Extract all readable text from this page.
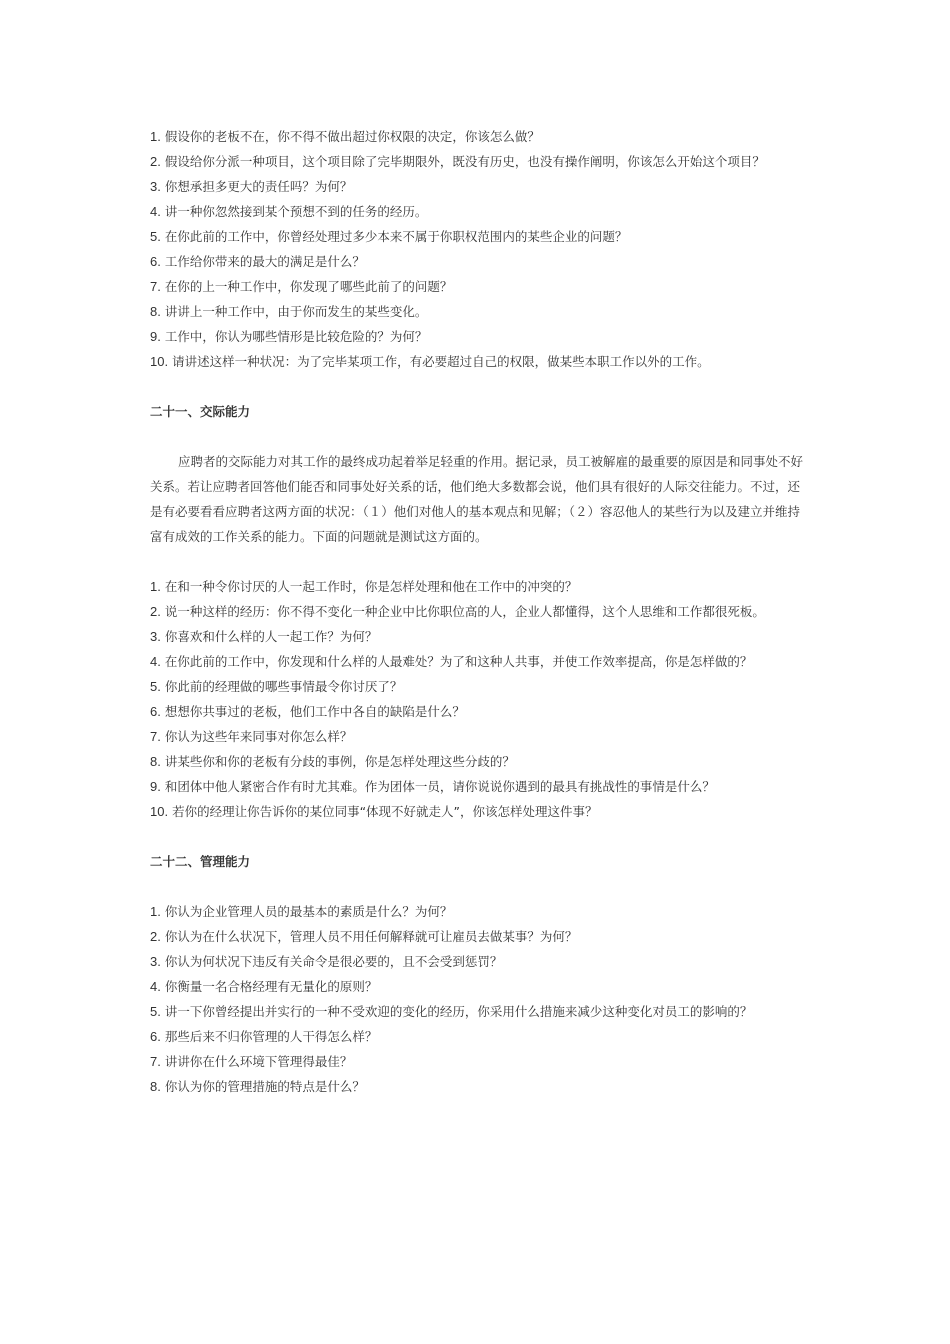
1. 假设你的老板不在，你不得不做出超过你权限的决定，你该怎么做？

2. 假设给你分派一种项目，这个项目除了完毕期限外，既没有历史，也没有操作阐明，你该怎么开始这个项目？

3. 你想承担多更大的责任吗？为何？

4. 讲一种你忽然接到某个预想不到的任务的经历。

5. 在你此前的工作中，你曾经处理过多少本来不属于你职权范围内的某些企业的问题？

6. 工作给你带来的最大的满足是什么？

7. 在你的上一种工作中，你发现了哪些此前了的问题？

8. 讲讲上一种工作中，由于你而发生的某些变化。

9. 工作中，你认为哪些情形是比较危险的？为何？

10. 请讲述这样一种状况：为了完毕某项工作，有必要超过自己的权限，做某些本职工作以外的工作。

二十一、交际能力

应聘者的交际能力对其工作的最终成功起着举足轻重的作用。据记录，员工被解雇的最重要的原因是和同事处不好关系。若让应聘者回答他们能否和同事处好关系的话，他们绝大多数都会说，他们具有很好的人际交往能力。不过，还是有必要看看应聘者这两方面的状况：（１）他们对他人的基本观点和见解；（２）容忍他人的某些行为以及建立并维持富有成效的工作关系的能力。下面的问题就是测试这方面的。

1. 在和一种令你讨厌的人一起工作时，你是怎样处理和他在工作中的冲突的？

2. 说一种这样的经历：你不得不变化一种企业中比你职位高的人，企业人都懂得，这个人思维和工作都很死板。

3. 你喜欢和什么样的人一起工作？为何？

4. 在你此前的工作中，你发现和什么样的人最难处？为了和这种人共事，并使工作效率提高，你是怎样做的？

5. 你此前的经理做的哪些事情最令你讨厌了？

6. 想想你共事过的老板，他们工作中各自的缺陷是什么？

7. 你认为这些年来同事对你怎么样？

8. 讲某些你和你的老板有分歧的事例，你是怎样处理这些分歧的？

9. 和团体中他人紧密合作有时尤其难。作为团体一员，请你说说你遇到的最具有挑战性的事情是什么？

10. 若你的经理让你告诉你的某位同事“体现不好就走人”，你该怎样处理这件事？

二十二、管理能力

1. 你认为企业管理人员的最基本的素质是什么？为何？

2. 你认为在什么状况下，管理人员不用任何解释就可让雇员去做某事？为何？

3. 你认为何状况下违反有关命令是很必要的，且不会受到惩罚？

4. 你衡量一名合格经理有无量化的原则？

5. 讲一下你曾经提出并实行的一种不受欢迎的变化的经历，你采用什么措施来减少这种变化对员工的影响的？

6. 那些后来不归你管理的人干得怎么样？

7. 讲讲你在什么环境下管理得最佳？

8. 你认为你的管理措施的特点是什么？
